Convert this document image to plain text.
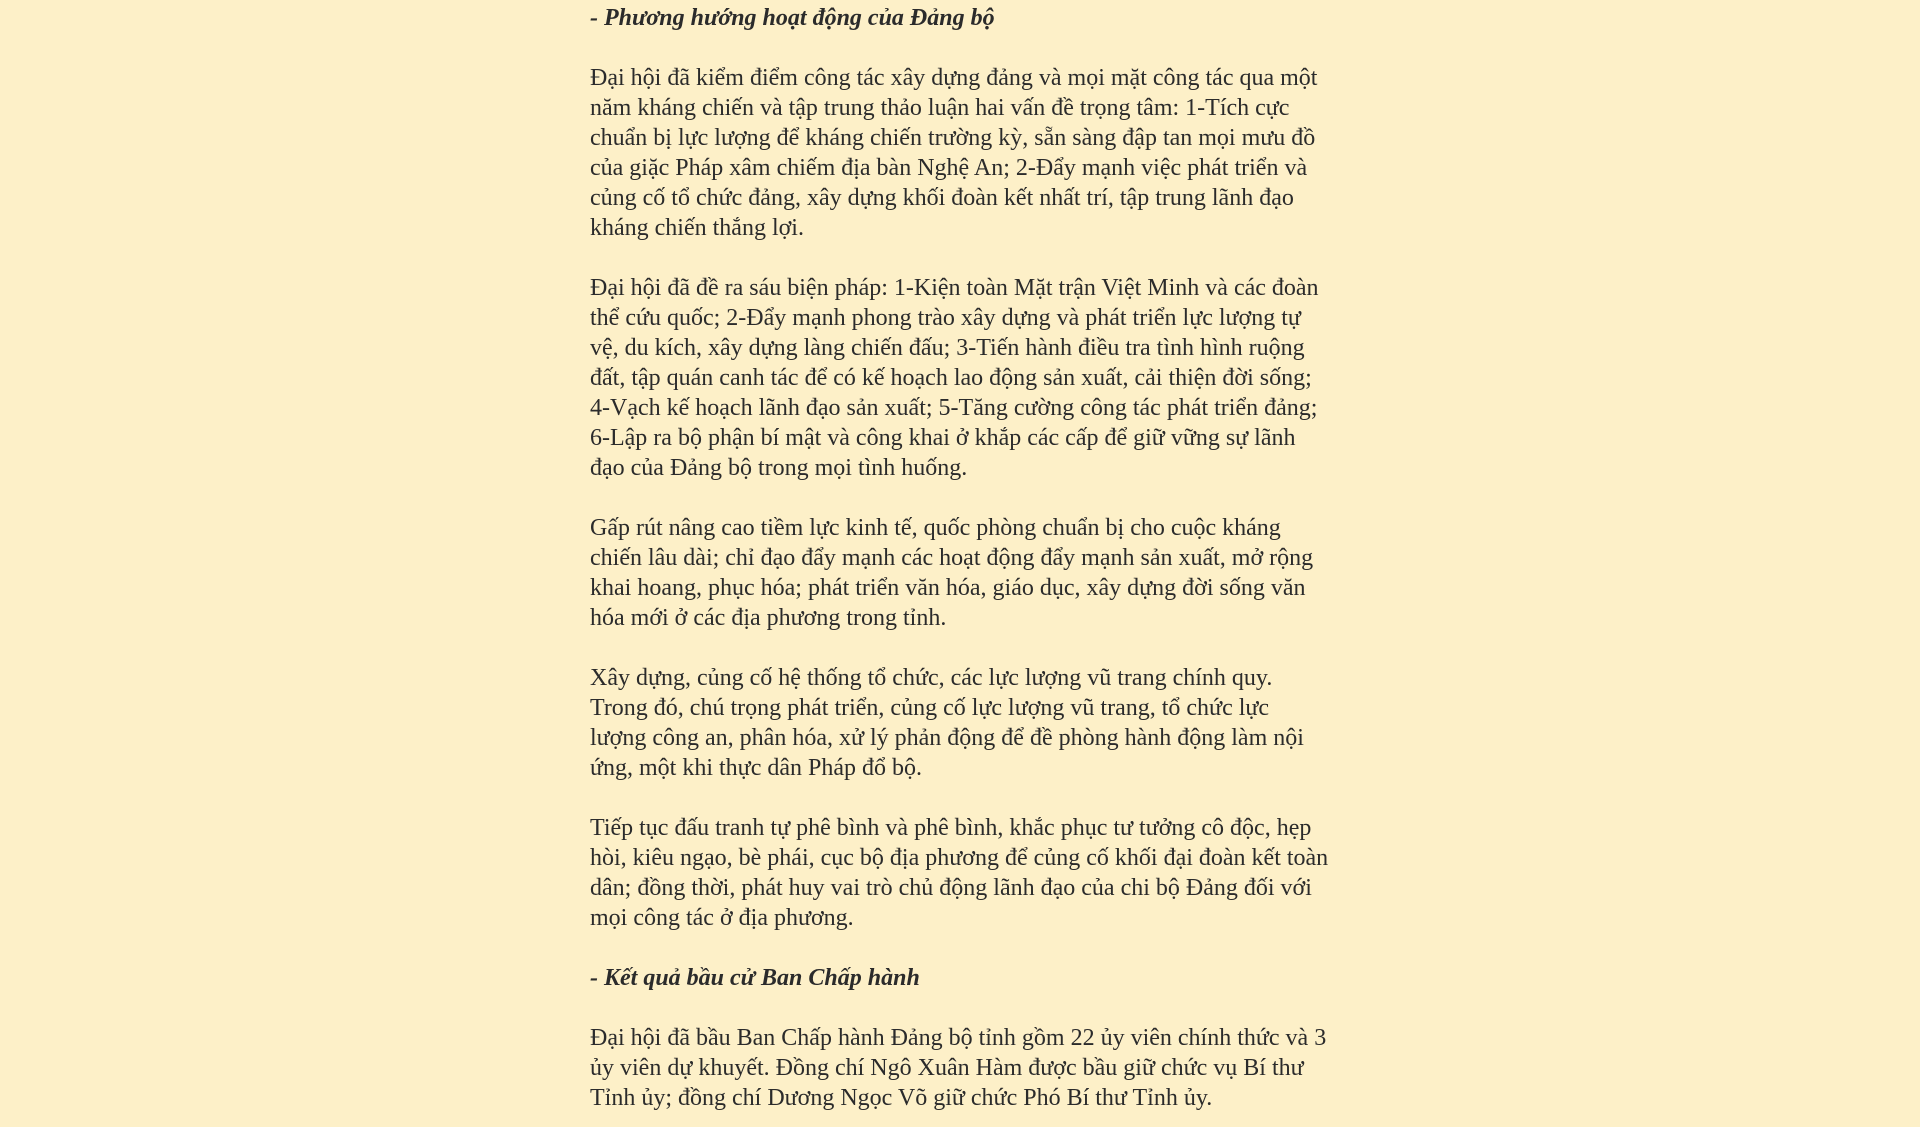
- Phương hướng hoạt động của Đảng bộ

Đại hội đã kiểm điểm công tác xây dựng đảng và mọi mặt công tác qua một năm kháng chiến và tập trung thảo luận hai vấn đề trọng tâm: 1-Tích cực chuẩn bị lực lượng để kháng chiến trường kỳ, sẵn sàng đập tan mọi mưu đồ của giặc Pháp xâm chiếm địa bàn Nghệ An; 2-Đẩy mạnh việc phát triển và củng cố tổ chức đảng, xây dựng khối đoàn kết nhất trí, tập trung lãnh đạo kháng chiến thắng lợi.

Đại hội đã đề ra sáu biện pháp: 1-Kiện toàn Mặt trận Việt Minh và các đoàn thể cứu quốc; 2-Đẩy mạnh phong trào xây dựng và phát triển lực lượng tự vệ, du kích, xây dựng làng chiến đấu; 3-Tiến hành điều tra tình hình ruộng đất, tập quán canh tác để có kế hoạch lao động sản xuất, cải thiện đời sống; 4-Vạch kế hoạch lãnh đạo sản xuất; 5-Tăng cường công tác phát triển đảng; 6-Lập ra bộ phận bí mật và công khai ở khắp các cấp để giữ vững sự lãnh đạo của Đảng bộ trong mọi tình huống.

Gấp rút nâng cao tiềm lực kinh tế, quốc phòng chuẩn bị cho cuộc kháng chiến lâu dài; chỉ đạo đẩy mạnh các hoạt động đẩy mạnh sản xuất, mở rộng khai hoang, phục hóa; phát triển văn hóa, giáo dục, xây dựng đời sống văn hóa mới ở các địa phương trong tỉnh.

Xây dựng, củng cố hệ thống tổ chức, các lực lượng vũ trang chính quy. Trong đó, chú trọng phát triển, củng cố lực lượng vũ trang, tổ chức lực lượng công an, phân hóa, xử lý phản động để đề phòng hành động làm nội ứng, một khi thực dân Pháp đổ bộ.

Tiếp tục đấu tranh tự phê bình và phê bình, khắc phục tư tưởng cô độc, hẹp hòi, kiêu ngạo, bè phái, cục bộ địa phương để củng cố khối đại đoàn kết toàn dân; đồng thời, phát huy vai trò chủ động lãnh đạo của chi bộ Đảng đối với mọi công tác ở địa phương.

- Kết quả bầu cử Ban Chấp hành

Đại hội đã bầu Ban Chấp hành Đảng bộ tỉnh gồm 22 ủy viên chính thức và 3 ủy viên dự khuyết. Đồng chí Ngô Xuân Hàm được bầu giữ chức vụ Bí thư Tỉnh ủy; đồng chí Dương Ngọc Võ giữ chức Phó Bí thư Tỉnh ủy.
